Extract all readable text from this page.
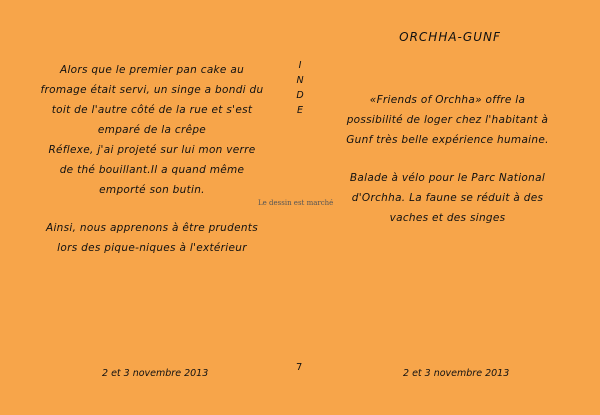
Alors que le premier pan cake au
fromage était servi, un singe a bondi du
toit de l'autre côté de la rue et s'est
emparé de la crêpe
Réflexe, j'ai projeté sur lui mon verre
de thé bouillant.Il a quand même
emporté son butin.

Ainsi, nous apprenons à être prudents
lors des pique-niques à l'extérieur

2 et 3 novembre 2013
I
N
D
E
Le dessin est marché
7
ORCHHA-GUNF

«Friends of Orchha» offre la
possibilité de loger chez l'habitant à
Gunf très belle expérience humaine.

Balade à vélo pour le Parc National
d'Orchha. La faune se réduit à des
vaches et des singes

2 et 3 novembre 2013
